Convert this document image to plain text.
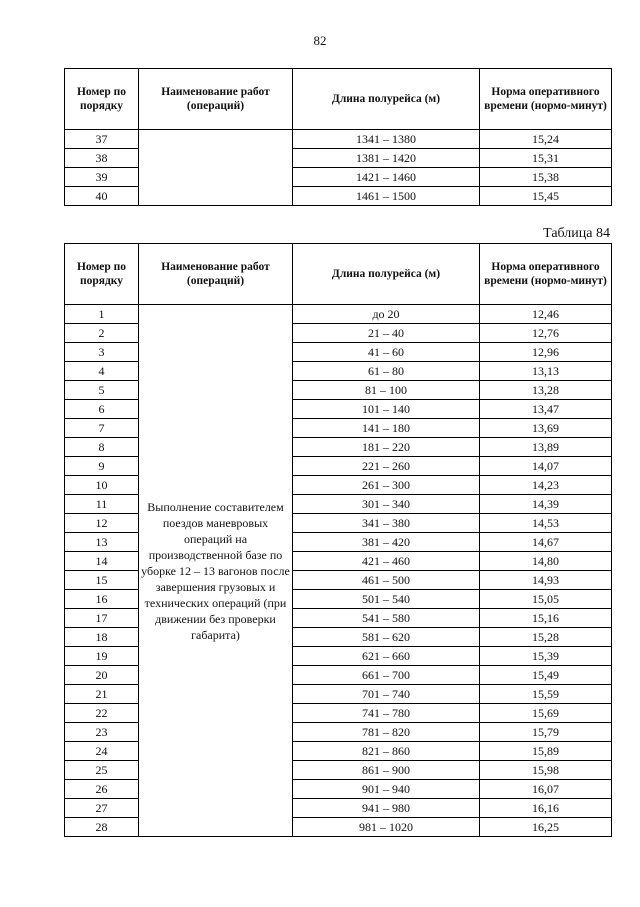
82
Номер по порядку	Наименование работ (операций)	Длина полурейса (м)	Норма оперативного времени (нормо-минут)
37		1341 – 1380	15,24
38		1381 – 1420	15,31
39		1421 – 1460	15,38
40		1461 – 1500	15,45
Таблица 84
Номер по порядку	Наименование работ (операций)	Длина полурейса (м)	Норма оперативного времени (нормо-минут)
1	Выполнение составителем поездов маневровых операций на производственной базе по уборке 12 – 13 вагонов после завершения грузовых и технических операций (при движении без проверки габарита)	до 20	12,46
2		21 – 40	12,76
3		41 – 60	12,96
4		61 – 80	13,13
5		81 – 100	13,28
6		101 – 140	13,47
7		141 – 180	13,69
8		181 – 220	13,89
9		221 – 260	14,07
10		261 – 300	14,23
11		301 – 340	14,39
12		341 – 380	14,53
13		381 – 420	14,67
14		421 – 460	14,80
15		461 – 500	14,93
16		501 – 540	15,05
17		541 – 580	15,16
18		581 – 620	15,28
19		621 – 660	15,39
20		661 – 700	15,49
21		701 – 740	15,59
22		741 – 780	15,69
23		781 – 820	15,79
24		821 – 860	15,89
25		861 – 900	15,98
26		901 – 940	16,07
27		941 – 980	16,16
28		981 – 1020	16,25
